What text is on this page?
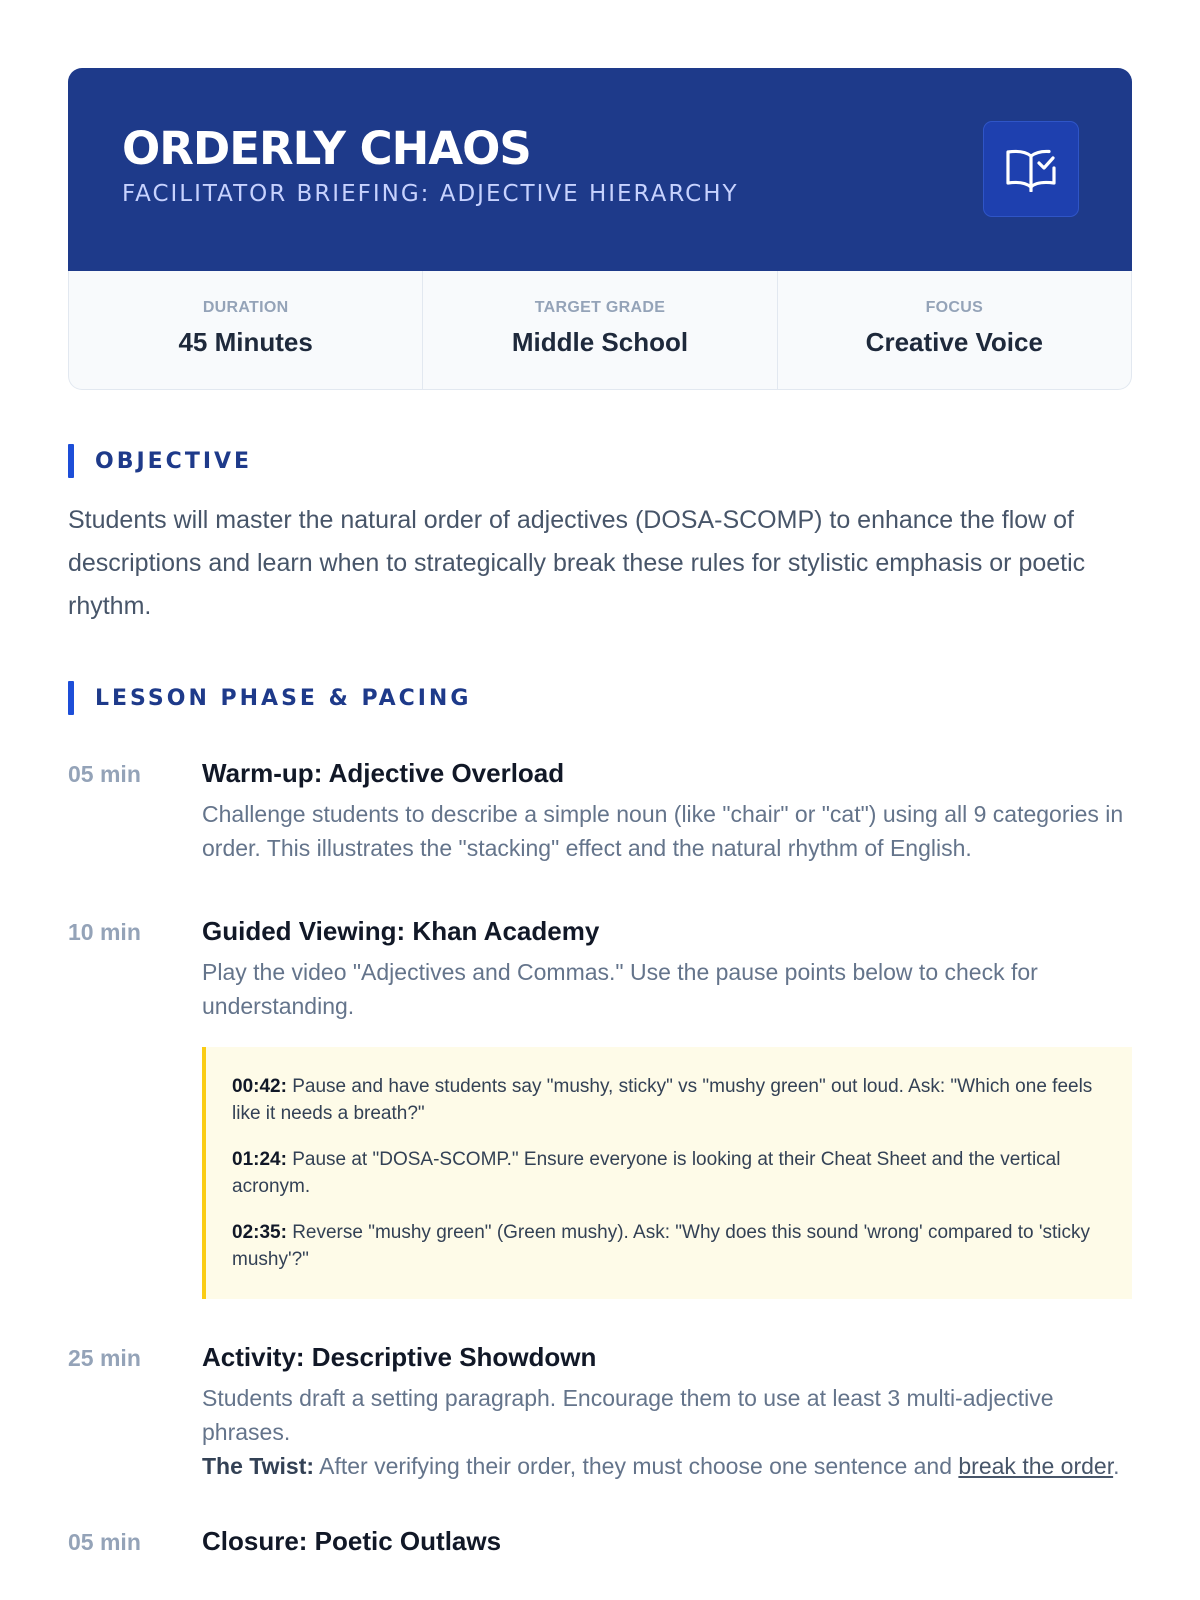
ORDERLY CHAOS
FACILITATOR BRIEFING: ADJECTIVE HIERARCHY
DURATION
45 Minutes
TARGET GRADE
Middle School
FOCUS
Creative Voice
OBJECTIVE

Students will master the natural order of adjectives (DOSA-SCOMP) to enhance the flow of descriptions and learn when to strategically break these rules for stylistic emphasis or poetic rhythm.

LESSON PHASE & PACING
05 min	Warm-up: Adjective Overload
Challenge students to describe a simple noun (like "chair" or "cat") using all 9 categories in order. This illustrates the "stacking" effect and the natural rhythm of English.
10 min	Guided Viewing: Khan Academy
Play the video "Adjectives and Commas." Use the pause points below to check for understanding.
00:42: Pause and have students say "mushy, sticky" vs "mushy green" out loud. Ask: "Which one feels like it needs a breath?"
01:24: Pause at "DOSA-SCOMP." Ensure everyone is looking at their Cheat Sheet and the vertical acronym.
02:35: Reverse "mushy green" (Green mushy). Ask: "Why does this sound 'wrong' compared to 'sticky mushy'?"
25 min	Activity: Descriptive Showdown
Students draft a setting paragraph. Encourage them to use at least 3 multi-adjective phrases.
The Twist: After verifying their order, they must choose one sentence and break the order.
05 min	Closure: Poetic Outlaws
